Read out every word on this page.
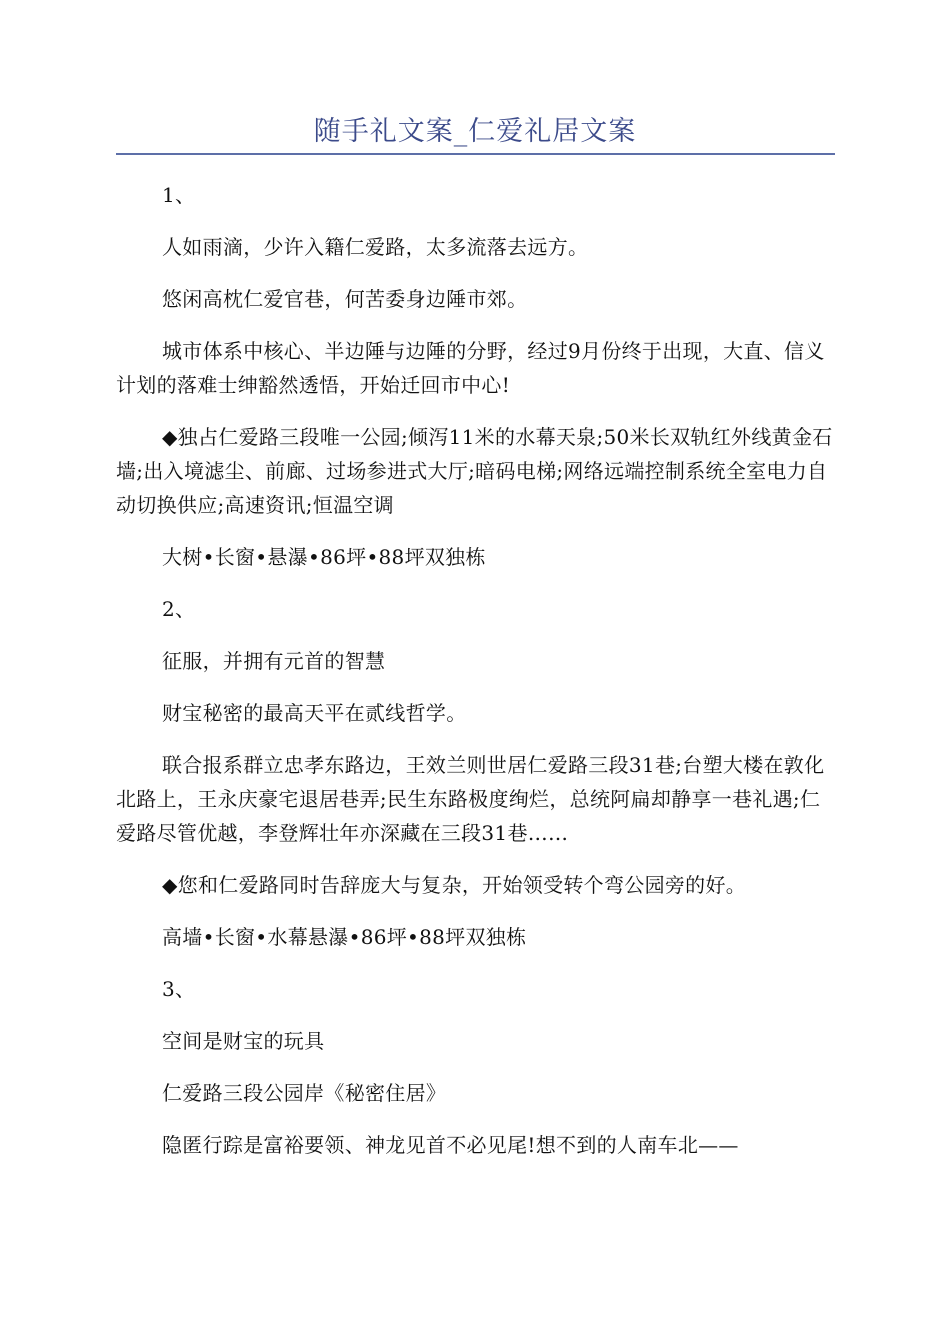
随手礼文案_仁爱礼居文案

1、

人如雨滴，少许入籍仁爱路，太多流落去远方。

悠闲高枕仁爱官巷，何苦委身边陲市郊。

城市体系中核心、半边陲与边陲的分野，经过9月份终于出现，大直、信义计划的落难士绅豁然透悟，开始迁回市中心!

◆独占仁爱路三段唯一公园;倾泻11米的水幕天泉;50米长双轨红外线黄金石墙;出入境滤尘、前廊、过场参进式大厅;暗码电梯;网络远端控制系统全室电力自动切换供应;高速资讯;恒温空调

大树•长窗•悬瀑•86坪•88坪双独栋

2、

征服，并拥有元首的智慧

财宝秘密的最高天平在贰线哲学。

联合报系群立忠孝东路边，王效兰则世居仁爱路三段31巷;台塑大楼在敦化北路上，王永庆豪宅退居巷弄;民生东路极度绚烂，总统阿扁却静享一巷礼遇;仁爱路尽管优越，李登辉壮年亦深藏在三段31巷……

◆您和仁爱路同时告辞庞大与复杂，开始领受转个弯公园旁的好。

高墙•长窗•水幕悬瀑•86坪•88坪双独栋

3、

空间是财宝的玩具

仁爱路三段公园岸《秘密住居》

隐匿行踪是富裕要领、神龙见首不必见尾!想不到的人南车北——
